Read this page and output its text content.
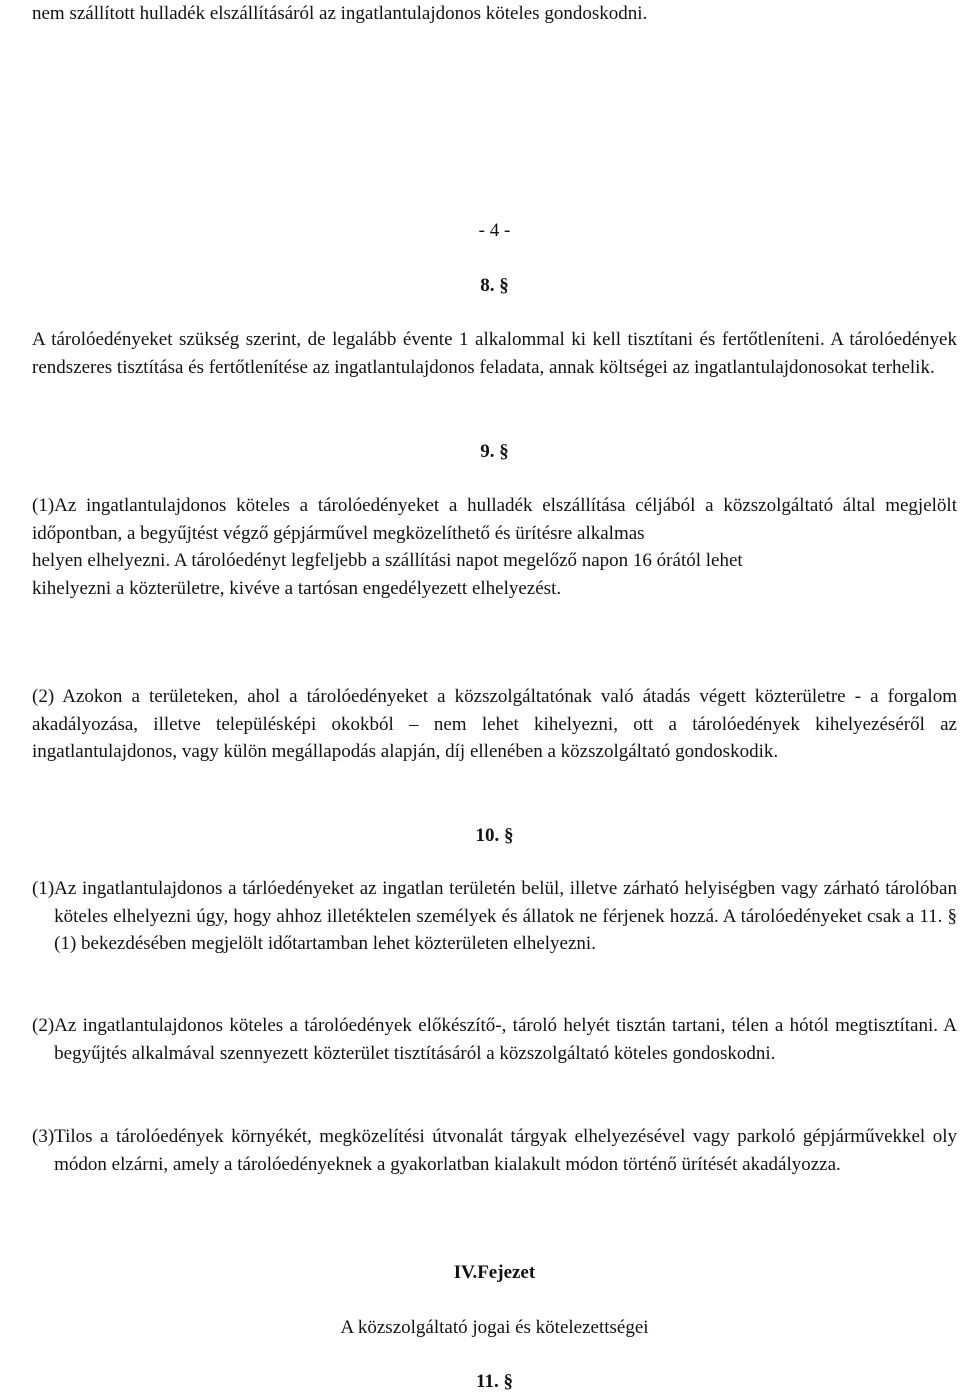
nem szállított hulladék elszállításáról az ingatlantulajdonos köteles gondoskodni.

- 4 -

8. §

A tárolóedényeket szükség szerint, de legalább évente 1 alkalommal ki kell tisztítani és fertőtleníteni. A tárolóedények rendszeres tisztítása és fertőtlenítése az ingatlantulajdonos feladata, annak költségei az ingatlantulajdonosokat terhelik.

9. §

(1)Az ingatlantulajdonos köteles a tárolóedényeket a hulladék elszállítása céljából a közszolgáltató által megjelölt időpontban, a begyűjtést végző gépjárművel megközelíthető és ürítésre alkalmas

helyen elhelyezni. A tárolóedényt legfeljebb a szállítási napot megelőző napon 16 órától lehet

kihelyezni a közterületre, kivéve a tartósan engedélyezett elhelyezést.

(2) Azokon a területeken, ahol a tárolóedényeket a közszolgáltatónak való átadás végett közterületre - a forgalom akadályozása, illetve településképi okokból – nem lehet kihelyezni, ott a tárolóedények kihelyezéséről az ingatlantulajdonos, vagy külön megállapodás alapján, díj ellenében a közszolgáltató gondoskodik.

10. §

(1) Az ingatlantulajdonos a tárlóedényeket az ingatlan területén belül, illetve zárható helyiségben vagy zárható tárolóban köteles elhelyezni úgy, hogy ahhoz illetéktelen személyek és állatok ne férjenek hozzá. A tárolóedényeket csak a 11. § (1) bekezdésében megjelölt időtartamban lehet közterületen elhelyezni.

(2) Az ingatlantulajdonos köteles a tárolóedények előkészítő-, tároló helyét tisztán tartani, télen a hótól megtisztítani. A begyűjtés alkalmával szennyezett közterület tisztításáról a közszolgáltató köteles gondoskodni.

(3) Tilos a tárolóedények környékét, megközelítési útvonalát tárgyak elhelyezésével vagy parkoló gépjárművekkel oly módon elzárni, amely a tárolóedényeknek a gyakorlatban kialakult módon történő ürítését akadályozza.

IV.Fejezet

A közszolgáltató jogai és kötelezettségei

11. §
